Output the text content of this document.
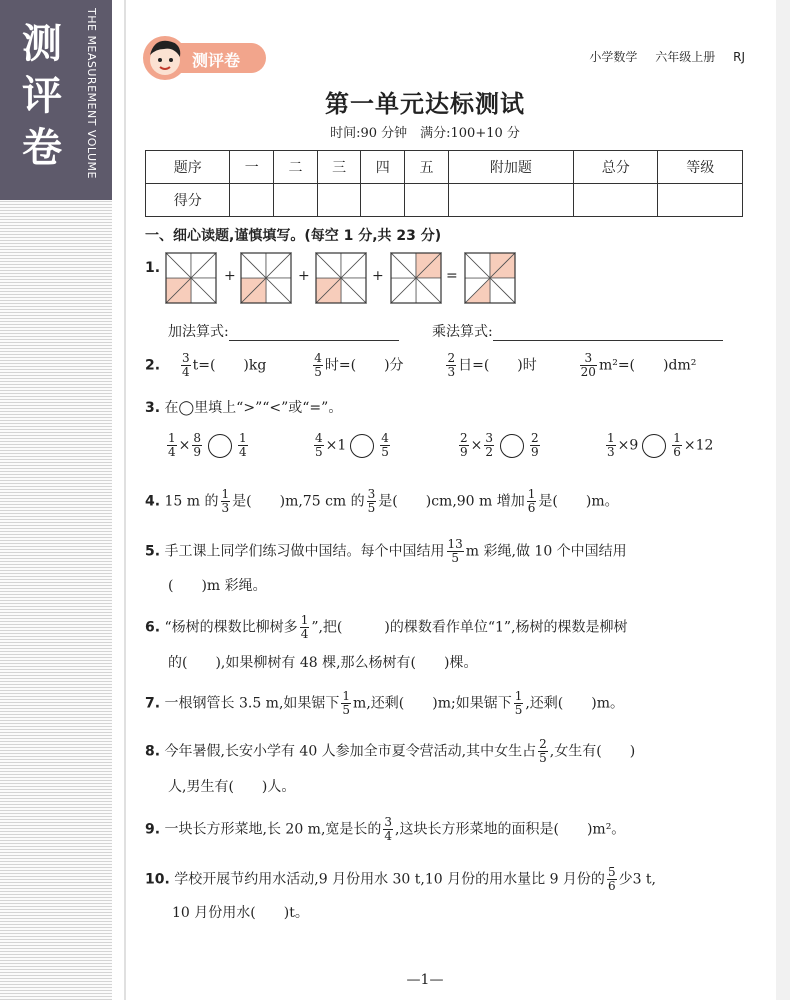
测评卷	THE MEASUREMENT VOLUME	测评卷	小学数学 六年级上册 RJ
第一单元达标测试
时间:90 分钟　满分:100+10 分
题序	一	二	三	四	五	附加题	总分	等级
得分								
一、细心读题,谨慎填写。(每空 1 分,共 23 分)
1.	+	+	+	=
加法算式:	乘法算式:
2. $\frac{3}{4} t=$(　　)kg	$\frac{4}{5}$ 时=(　　)分	$\frac{2}{3}$ 日=(　　)时	$\frac{3}{20} m^2=$(　　)dm²
3. 在◯里填上“>”“<”或“=”。
$\frac{1}{4} \times \frac{8}{9}$	$\frac{1}{4}$	$\frac{4}{5} \times 1$	$\frac{4}{5}$	$\frac{2}{9} \times \frac{3}{2}$	$\frac{2}{9}$	$\frac{1}{3} \times 9$	$\frac{1}{6} \times 12$
4. 15 m 的 $\frac{1}{3}$ 是(　　)m,75 cm 的 $\frac{3}{5}$ 是(　　)cm,90 m 增加 $\frac{1}{6}$ 是(　　)m。
5. 手工课上同学们练习做中国结。每个中国结用 $\frac{13}{5}$ m 彩绳,做 10 个中国结用
(　　)m 彩绳。
6. “杨树的棵数比柳树多 $\frac{1}{4}$ ”,把(　　　)的棵数看作单位“1”,杨树的棵数是柳树
的(　　),如果柳树有 48 棵,那么杨树有(　　)棵。
7. 一根钢管长 3.5 m,如果锯下 $\frac{1}{5} m$,还剩(　　)m;如果锯下 $\frac{1}{5}$ ,还剩(　　)m。
8. 今年暑假,长安小学有 40 人参加全市夏令营活动,其中女生占 $\frac{2}{5}$ ,女生有(　　)
人,男生有(　　)人。
9. 一块长方形菜地,长 20 m,宽是长的 $\frac{3}{4}$ ,这块长方形菜地的面积是(　　)m²。
10. 学校开展节约用水活动,9 月份用水 30 t,10 月份的用水量比 9 月份的 $\frac{5}{6}$ 少3 t,
10 月份用水(　　)t。
—1—
